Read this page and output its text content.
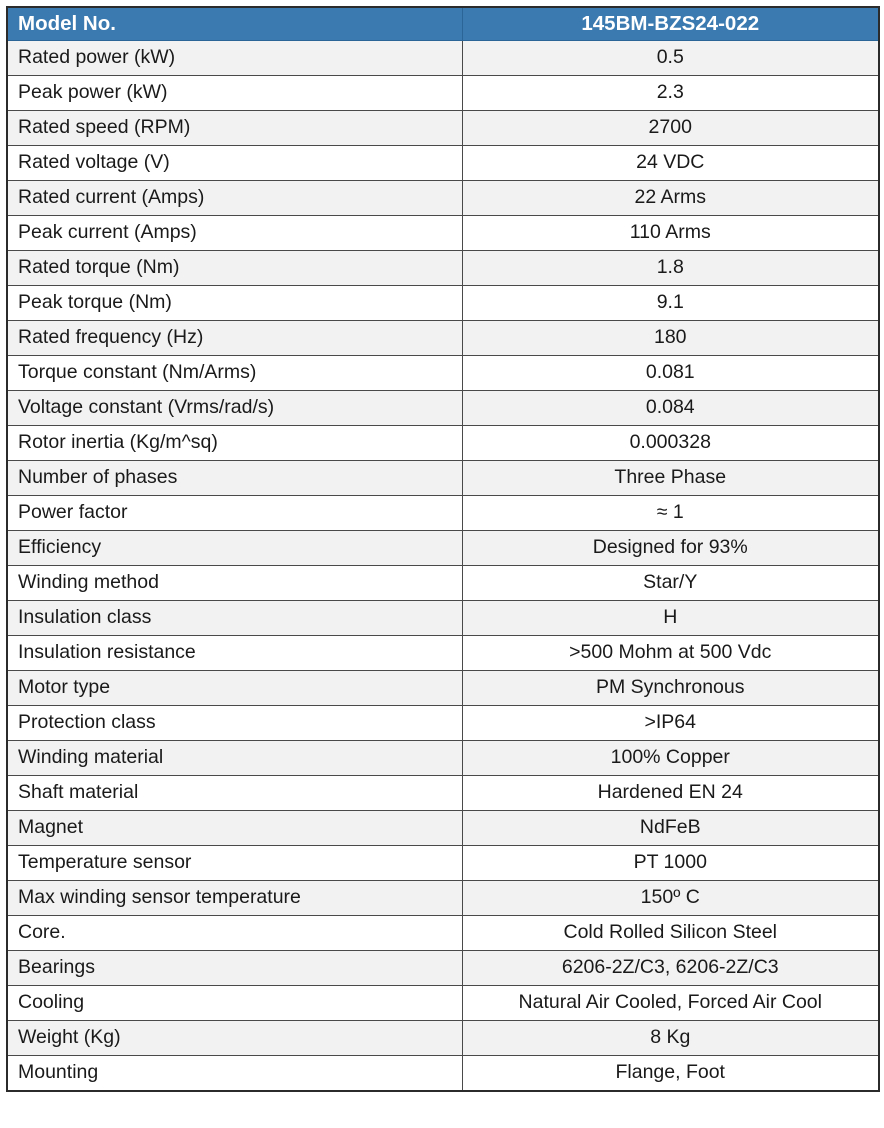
Model No.	145BM-BZS24-022
Rated power (kW)	0.5
Peak power (kW)	2.3
Rated speed (RPM)	2700
Rated voltage (V)	24 VDC
Rated current (Amps)	22 Arms
Peak current (Amps)	110 Arms
Rated torque (Nm)	1.8
Peak torque (Nm)	9.1
Rated frequency (Hz)	180
Torque constant (Nm/Arms)	0.081
Voltage constant (Vrms/rad/s)	0.084
Rotor inertia (Kg/m^sq)	0.000328
Number of phases	Three Phase
Power factor	≈ 1
Efficiency	Designed for 93%
Winding method	Star/Y
Insulation class	H
Insulation resistance	>500 Mohm at 500 Vdc
Motor type	PM Synchronous
Protection class	>IP64
Winding material	100% Copper
Shaft material	Hardened EN 24
Magnet	NdFeB
Temperature sensor	PT 1000
Max winding sensor temperature	150º C
Core.	Cold Rolled Silicon Steel
Bearings	6206-2Z/C3, 6206-2Z/C3
Cooling	Natural Air Cooled, Forced Air Cool
Weight (Kg)	8 Kg
Mounting	Flange, Foot
